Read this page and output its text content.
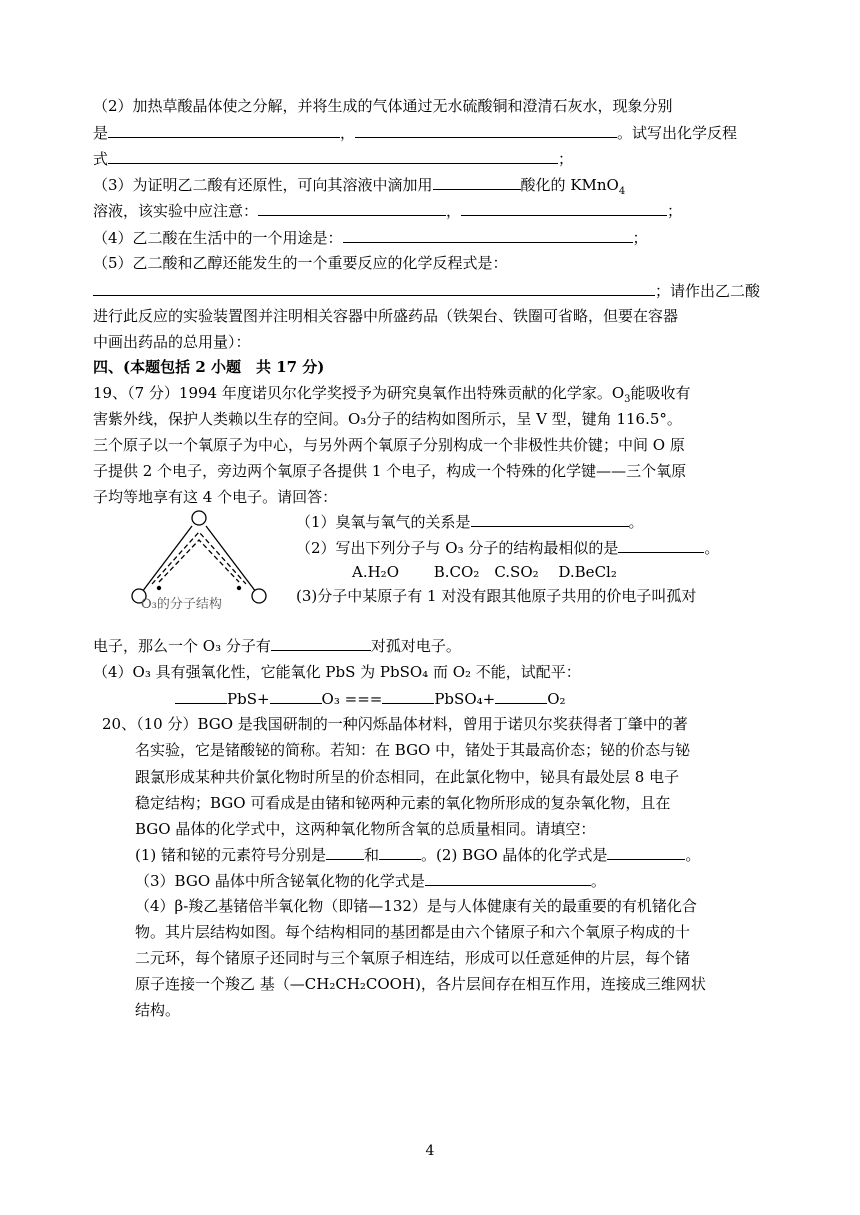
（2）加热草酸晶体使之分解，并将生成的气体通过无水硫酸铜和澄清石灰水，现象分别
是	，	。试写出化学反程
式	；
（3）为证明乙二酸有还原性，可向其溶液中滴加用	酸化的 KMnO$_4$
溶液，该实验中应注意：	，	；
（4）乙二酸在生活中的一个用途是：	；
（5）乙二酸和乙醇还能发生的一个重要反应的化学反程式是：
；请作出乙二酸
进行此反应的实验装置图并注明相关容器中所盛药品（铁架台、铁圈可省略，但要在容器
中画出药品的总用量）：
四、(本题包括 2 小题　共 17 分)
19、（7 分）1994 年度诺贝尔化学奖授予为研究臭氧作出特殊贡献的化学家。$O_3$能吸收有
害紫外线，保护人类赖以生存的空间。O₃分子的结构如图所示，呈 V 型，键角 116.5°。
三个原子以一个氧原子为中心，与另外两个氧原子分别构成一个非极性共价键；中间 O 原
子提供 2 个电子，旁边两个氧原子各提供 1 个电子，构成一个特殊的化学键——三个氧原
子均等地享有这 4 个电子。请回答：
O₃的分子结构
（1）臭氧与氧气的关系是	。
（2）写出下列分子与 O₃ 分子的结构最相似的是	。
A.H₂O　　 B.CO₂　C.SO₂　 D.BeCl₂
(3)分子中某原子有 1 对没有跟其他原子共用的价电子叫孤对
电子，那么一个 O₃ 分子有	对孤对电子。
（4）O₃ 具有强氧化性，它能氧化 PbS 为 PbSO₄ 而 O₂ 不能，试配平：
PbS+	O₃ ===	PbSO₄+	O₂
20、（10 分）BGO 是我国研制的一种闪烁晶体材料，曾用于诺贝尔奖获得者丁肇中的著
名实验，它是锗酸铋的简称。若知：在 BGO 中，锗处于其最高价态；铋的价态与铋
跟氯形成某种共价氯化物时所呈的价态相同，在此氯化物中，铋具有最处层 8 电子
稳定结构；BGO 可看成是由锗和铋两种元素的氧化物所形成的复杂氧化物，且在
BGO 晶体的化学式中，这两种氧化物所含氧的总质量相同。请填空：
(1) 锗和铋的元素符号分别是	和	。(2) BGO 晶体的化学式是	。
（3）BGO 晶体中所含铋氧化物的化学式是	。
（4）β-羧乙基锗倍半氧化物（即锗—132）是与人体健康有关的最重要的有机锗化合
物。其片层结构如图。每个结构相同的基团都是由六个锗原子和六个氧原子构成的十
二元环，每个锗原子还同时与三个氧原子相连结，形成可以任意延伸的片层，每个锗
原子连接一个羧乙 基（—CH₂CH₂COOH)，各片层间存在相互作用，连接成三维网状
结构。
4
